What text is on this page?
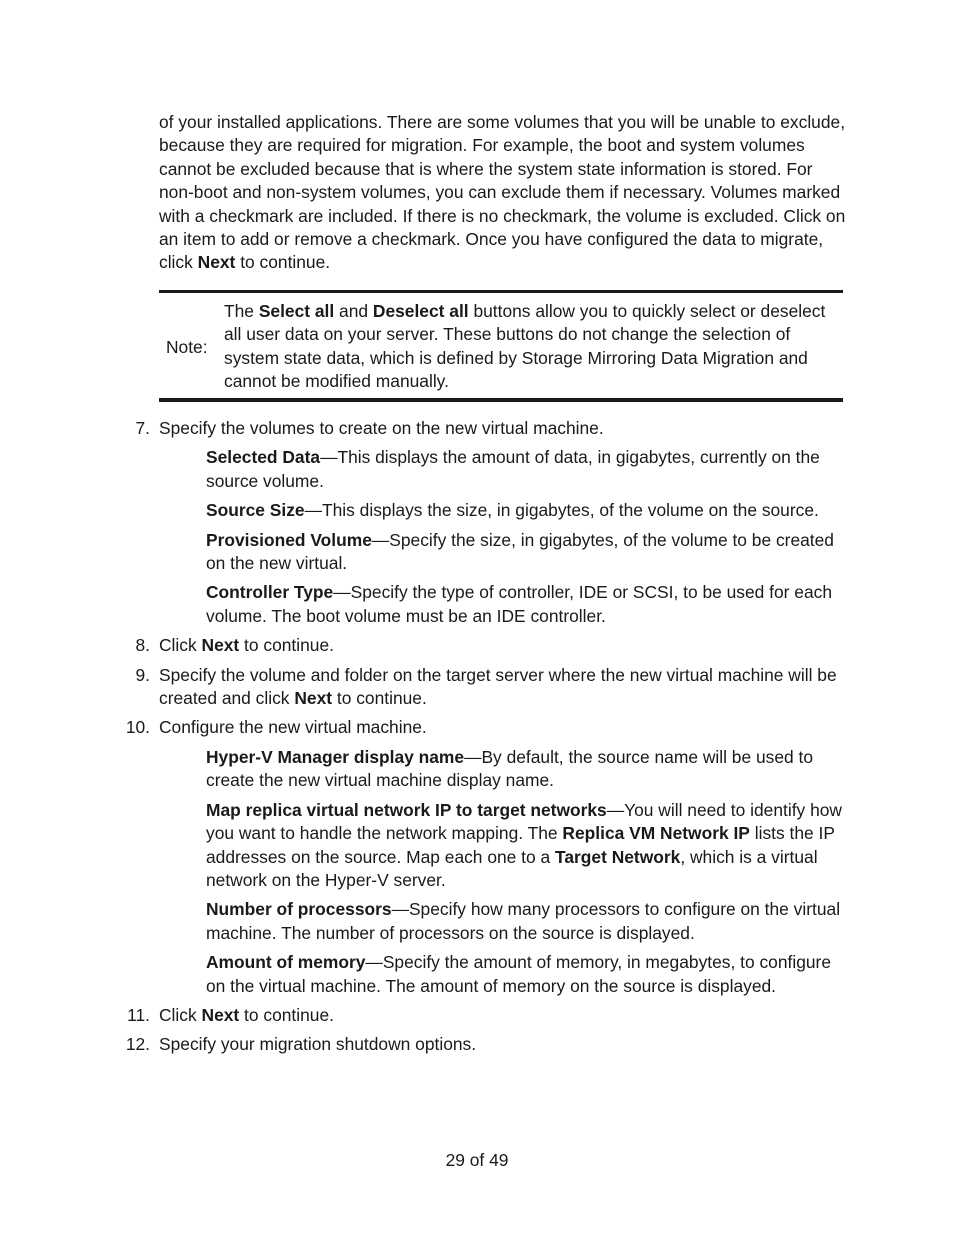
of your installed applications. There are some volumes that you will be unable to exclude, because they are required for migration. For example, the boot and system volumes cannot be excluded because that is where the system state information is stored. For non-boot and non-system volumes, you can exclude them if necessary. Volumes marked with a checkmark are included. If there is no checkmark, the volume is excluded. Click on an item to add or remove a checkmark. Once you have configured the data to migrate, click Next to continue.

Note:

The Select all and Deselect all buttons allow you to quickly select or deselect all user data on your server. These buttons do not change the selection of system state data, which is defined by Storage Mirroring Data Migration and cannot be modified manually.

7. Specify the volumes to create on the new virtual machine.
Selected Data—This displays the amount of data, in gigabytes, currently on the source volume.
Source Size—This displays the size, in gigabytes, of the volume on the source.
Provisioned Volume—Specify the size, in gigabytes, of the volume to be created on the new virtual.
Controller Type—Specify the type of controller, IDE or SCSI, to be used for each volume. The boot volume must be an IDE controller.
8. Click Next to continue.
9. Specify the volume and folder on the target server where the new virtual machine will be created and click Next to continue.
10. Configure the new virtual machine.
Hyper-V Manager display name—By default, the source name will be used to create the new virtual machine display name.
Map replica virtual network IP to target networks—You will need to identify how you want to handle the network mapping. The Replica VM Network IP lists the IP addresses on the source. Map each one to a Target Network, which is a virtual network on the Hyper-V server.
Number of processors—Specify how many processors to configure on the virtual machine. The number of processors on the source is displayed.
Amount of memory—Specify the amount of memory, in megabytes, to configure on the virtual machine. The amount of memory on the source is displayed.
11. Click Next to continue.
12. Specify your migration shutdown options.
29 of 49
